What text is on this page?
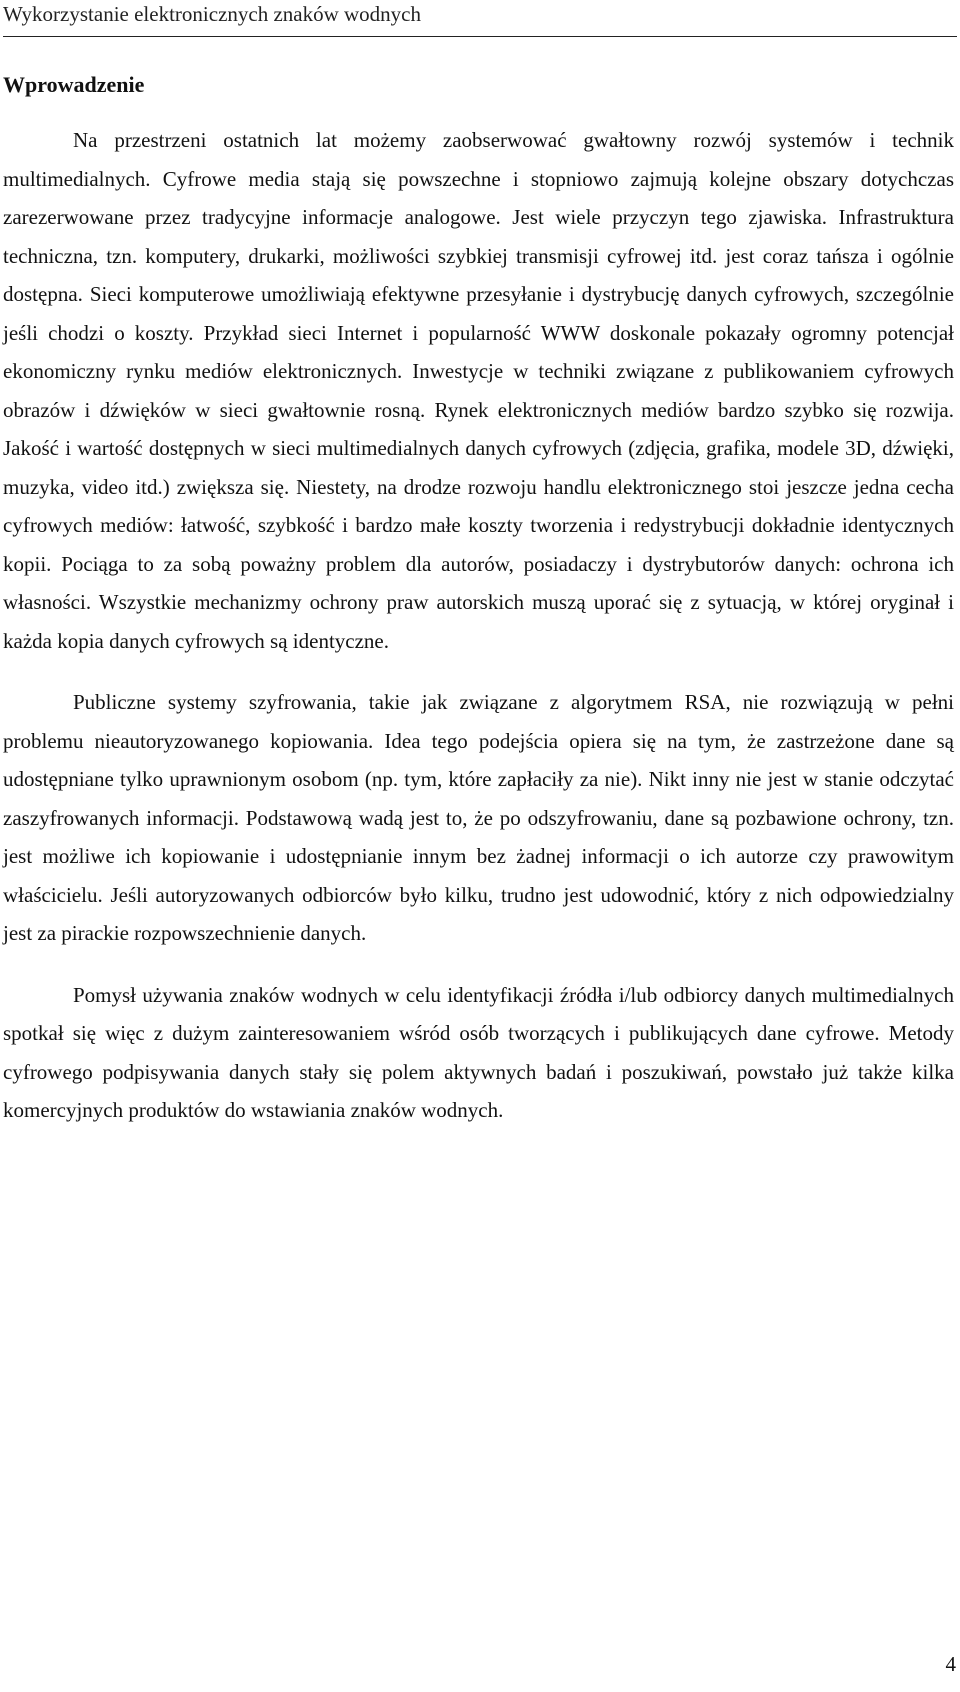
Wykorzystanie elektronicznych znaków wodnych
Wprowadzenie

Na przestrzeni ostatnich lat możemy zaobserwować gwałtowny rozwój systemów i technik multimedialnych. Cyfrowe media stają się powszechne i stopniowo zajmują kolejne obszary dotychczas zarezerwowane przez tradycyjne informacje analogowe. Jest wiele przyczyn tego zjawiska. Infrastruktura techniczna, tzn. komputery, drukarki, możliwości szybkiej transmisji cyfrowej itd. jest coraz tańsza i ogólnie dostępna. Sieci komputerowe umożliwiają efektywne przesyłanie i dystrybucję danych cyfrowych, szczególnie jeśli chodzi o koszty. Przykład sieci Internet i popularność WWW doskonale pokazały ogromny potencjał ekonomiczny rynku mediów elektronicznych. Inwestycje w techniki związane z publikowaniem cyfrowych obrazów i dźwięków w sieci gwałtownie rosną. Rynek elektronicznych mediów bardzo szybko się rozwija. Jakość i wartość dostępnych w sieci multimedialnych danych cyfrowych (zdjęcia, grafika, modele 3D, dźwięki, muzyka, video itd.) zwiększa się. Niestety, na drodze rozwoju handlu elektronicznego stoi jeszcze jedna cecha cyfrowych mediów: łatwość, szybkość i bardzo małe koszty tworzenia i redystrybucji dokładnie identycznych kopii. Pociąga to za sobą poważny problem dla autorów, posiadaczy i dystrybutorów danych: ochrona ich własności. Wszystkie mechanizmy ochrony praw autorskich muszą uporać się z sytuacją, w której oryginał i każda kopia danych cyfrowych są identyczne.

Publiczne systemy szyfrowania, takie jak związane z algorytmem RSA, nie rozwiązują w pełni problemu nieautoryzowanego kopiowania. Idea tego podejścia opiera się na tym, że zastrzeżone dane są udostępniane tylko uprawnionym osobom (np. tym, które zapłaciły za nie). Nikt inny nie jest w stanie odczytać zaszyfrowanych informacji. Podstawową wadą jest to, że po odszyfrowaniu, dane są pozbawione ochrony, tzn. jest możliwe ich kopiowanie i udostępnianie innym bez żadnej informacji o ich autorze czy prawowitym właścicielu. Jeśli autoryzowanych odbiorców było kilku, trudno jest udowodnić, który z nich odpowiedzialny jest za pirackie rozpowszechnienie danych.

Pomysł używania znaków wodnych w celu identyfikacji źródła i/lub odbiorcy danych multimedialnych spotkał się więc z dużym zainteresowaniem wśród osób tworzących i publikujących dane cyfrowe. Metody cyfrowego podpisywania danych stały się polem aktywnych badań i poszukiwań, powstało już także kilka komercyjnych produktów do wstawiania znaków wodnych.

4
